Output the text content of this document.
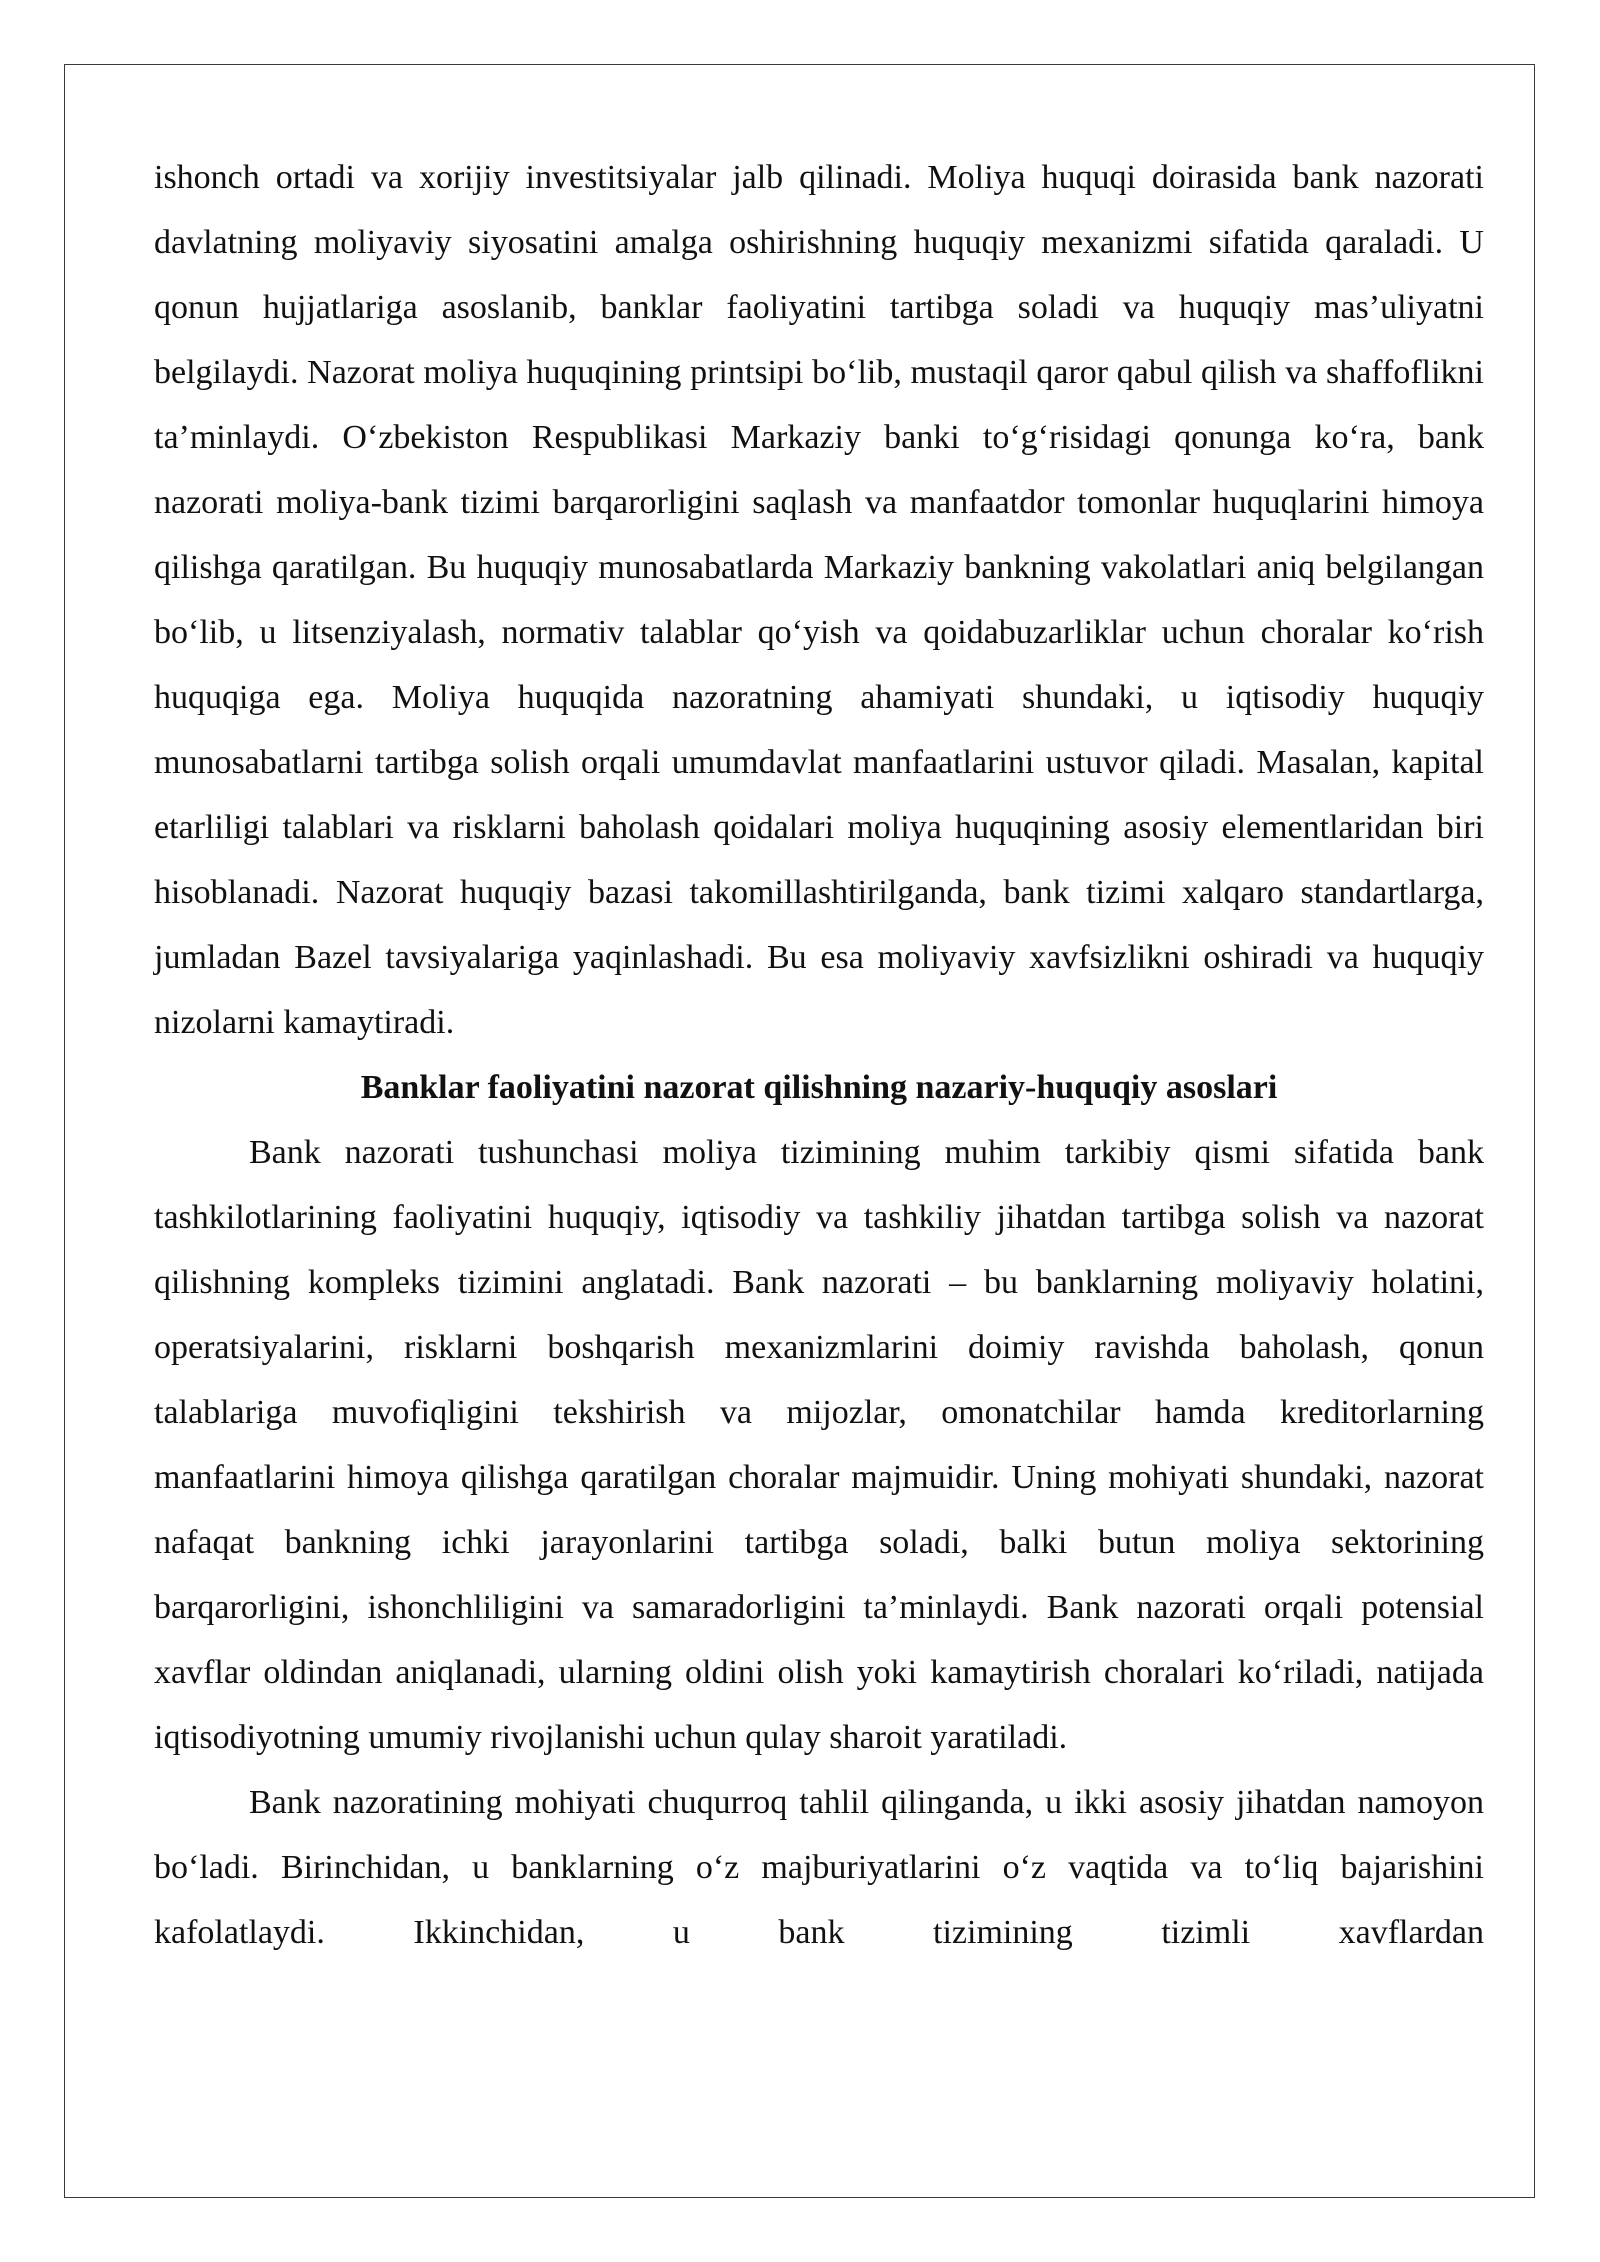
ishonch ortadi va xorijiy investitsiyalar jalb qilinadi. Moliya huquqi doirasida bank nazorati davlatning moliyaviy siyosatini amalga oshirishning huquqiy mexanizmi sifatida qaraladi. U qonun hujjatlariga asoslanib, banklar faoliyatini tartibga soladi va huquqiy mas’uliyatni belgilaydi. Nazorat moliya huquqining printsipi bo‘lib, mustaqil qaror qabul qilish va shaffoflikni ta’minlaydi. O‘zbekiston Respublikasi Markaziy banki to‘g‘risidagi qonunga ko‘ra, bank nazorati moliya-bank tizimi barqarorligini saqlash va manfaatdor tomonlar huquqlarini himoya qilishga qaratilgan. Bu huquqiy munosabatlarda Markaziy bankning vakolatlari aniq belgilangan bo‘lib, u litsenziyalash, normativ talablar qo‘yish va qoidabuzarliklar uchun choralar ko‘rish huquqiga ega. Moliya huquqida nazoratning ahamiyati shundaki, u iqtisodiy huquqiy munosabatlarni tartibga solish orqali umumdavlat manfaatlarini ustuvor qiladi. Masalan, kapital etarliligi talablari va risklarni baholash qoidalari moliya huquqining asosiy elementlaridan biri hisoblanadi. Nazorat huquqiy bazasi takomillashtirilganda, bank tizimi xalqaro standartlarga, jumladan Bazel tavsiyalariga yaqinlashadi. Bu esa moliyaviy xavfsizlikni oshiradi va huquqiy nizolarni kamaytiradi.

Banklar faoliyatini nazorat qilishning nazariy-huquqiy asoslari

Bank nazorati tushunchasi moliya tizimining muhim tarkibiy qismi sifatida bank tashkilotlarining faoliyatini huquqiy, iqtisodiy va tashkiliy jihatdan tartibga solish va nazorat qilishning kompleks tizimini anglatadi. Bank nazorati – bu banklarning moliyaviy holatini, operatsiyalarini, risklarni boshqarish mexanizmlarini doimiy ravishda baholash, qonun talablariga muvofiqligini tekshirish va mijozlar, omonatchilar hamda kreditorlarning manfaatlarini himoya qilishga qaratilgan choralar majmuidir. Uning mohiyati shundaki, nazorat nafaqat bankning ichki jarayonlarini tartibga soladi, balki butun moliya sektorining barqarorligini, ishonchliligini va samaradorligini ta’minlaydi. Bank nazorati orqali potensial xavflar oldindan aniqlanadi, ularning oldini olish yoki kamaytirish choralari ko‘riladi, natijada iqtisodiyotning umumiy rivojlanishi uchun qulay sharoit yaratiladi.

Bank nazoratining mohiyati chuqurroq tahlil qilinganda, u ikki asosiy jihatdan namoyon bo‘ladi. Birinchidan, u banklarning o‘z majburiyatlarini o‘z vaqtida va to‘liq bajarishini kafolatlaydi. Ikkinchidan, u bank tizimining tizimli xavflardan
